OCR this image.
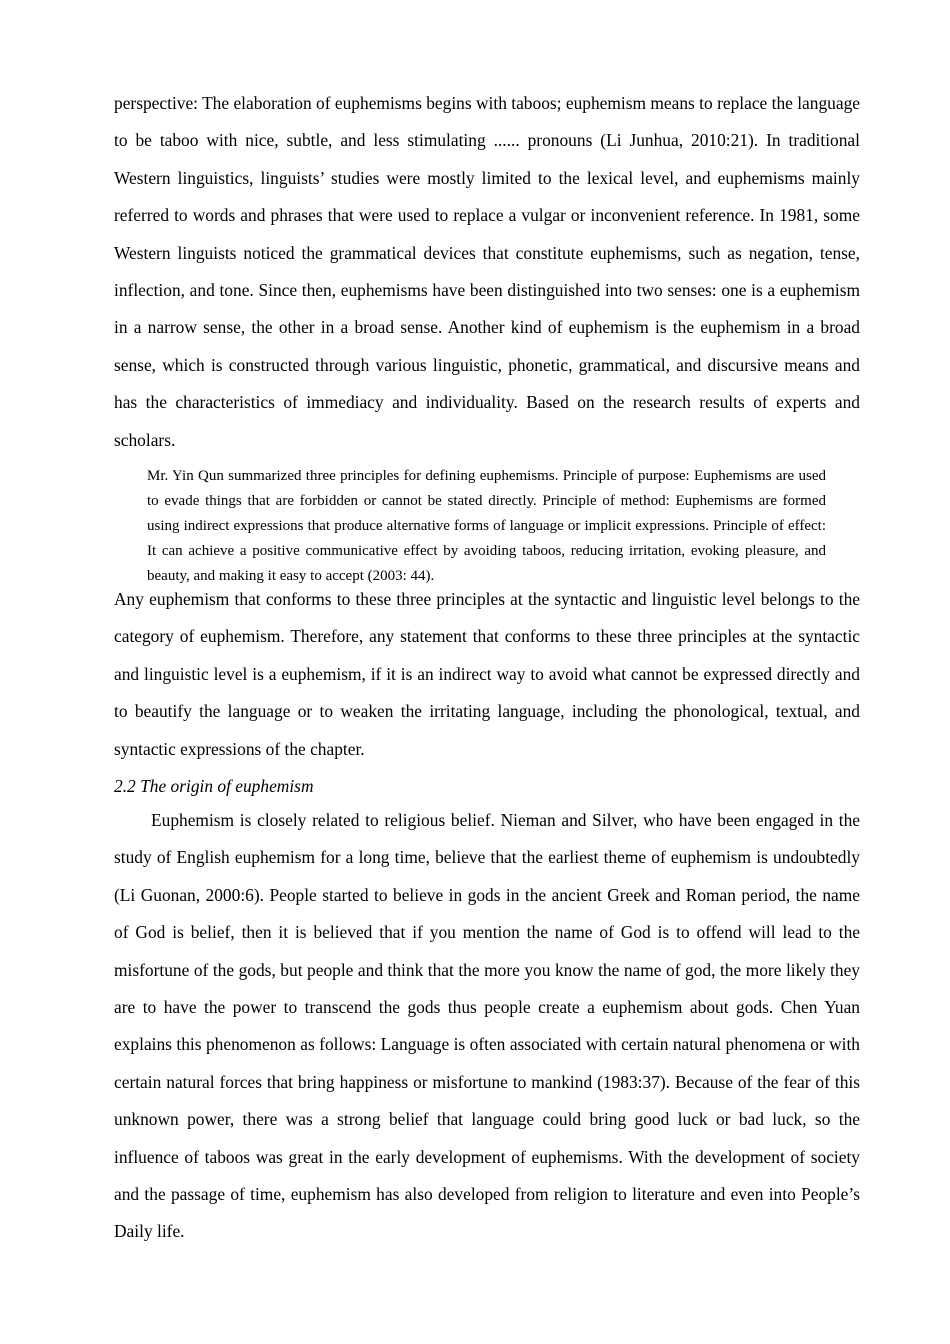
perspective: The elaboration of euphemisms begins with taboos; euphemism means to replace the language to be taboo with nice, subtle, and less stimulating ...... pronouns (Li Junhua, 2010:21). In traditional Western linguistics, linguists’ studies were mostly limited to the lexical level, and euphemisms mainly referred to words and phrases that were used to replace a vulgar or inconvenient reference. In 1981, some Western linguists noticed the grammatical devices that constitute euphemisms, such as negation, tense, inflection, and tone. Since then, euphemisms have been distinguished into two senses: one is a euphemism in a narrow sense, the other in a broad sense. Another kind of euphemism is the euphemism in a broad sense, which is constructed through various linguistic, phonetic, grammatical, and discursive means and has the characteristics of immediacy and individuality. Based on the research results of experts and scholars.

Mr. Yin Qun summarized three principles for defining euphemisms. Principle of purpose: Euphemisms are used to evade things that are forbidden or cannot be stated directly. Principle of method: Euphemisms are formed using indirect expressions that produce alternative forms of language or implicit expressions. Principle of effect: It can achieve a positive communicative effect by avoiding taboos, reducing irritation, evoking pleasure, and beauty, and making it easy to accept (2003: 44).

Any euphemism that conforms to these three principles at the syntactic and linguistic level belongs to the category of euphemism. Therefore, any statement that conforms to these three principles at the syntactic and linguistic level is a euphemism, if it is an indirect way to avoid what cannot be expressed directly and to beautify the language or to weaken the irritating language, including the phonological, textual, and syntactic expressions of the chapter.

2.2 The origin of euphemism

Euphemism is closely related to religious belief. Nieman and Silver, who have been engaged in the study of English euphemism for a long time, believe that the earliest theme of euphemism is undoubtedly (Li Guonan, 2000:6). People started to believe in gods in the ancient Greek and Roman period, the name of God is belief, then it is believed that if you mention the name of God is to offend will lead to the misfortune of the gods, but people and think that the more you know the name of god, the more likely they are to have the power to transcend the gods thus people create a euphemism about gods. Chen Yuan explains this phenomenon as follows: Language is often associated with certain natural phenomena or with certain natural forces that bring happiness or misfortune to mankind (1983:37). Because of the fear of this unknown power, there was a strong belief that language could bring good luck or bad luck, so the influence of taboos was great in the early development of euphemisms. With the development of society and the passage of time, euphemism has also developed from religion to literature and even into People’s Daily life.
